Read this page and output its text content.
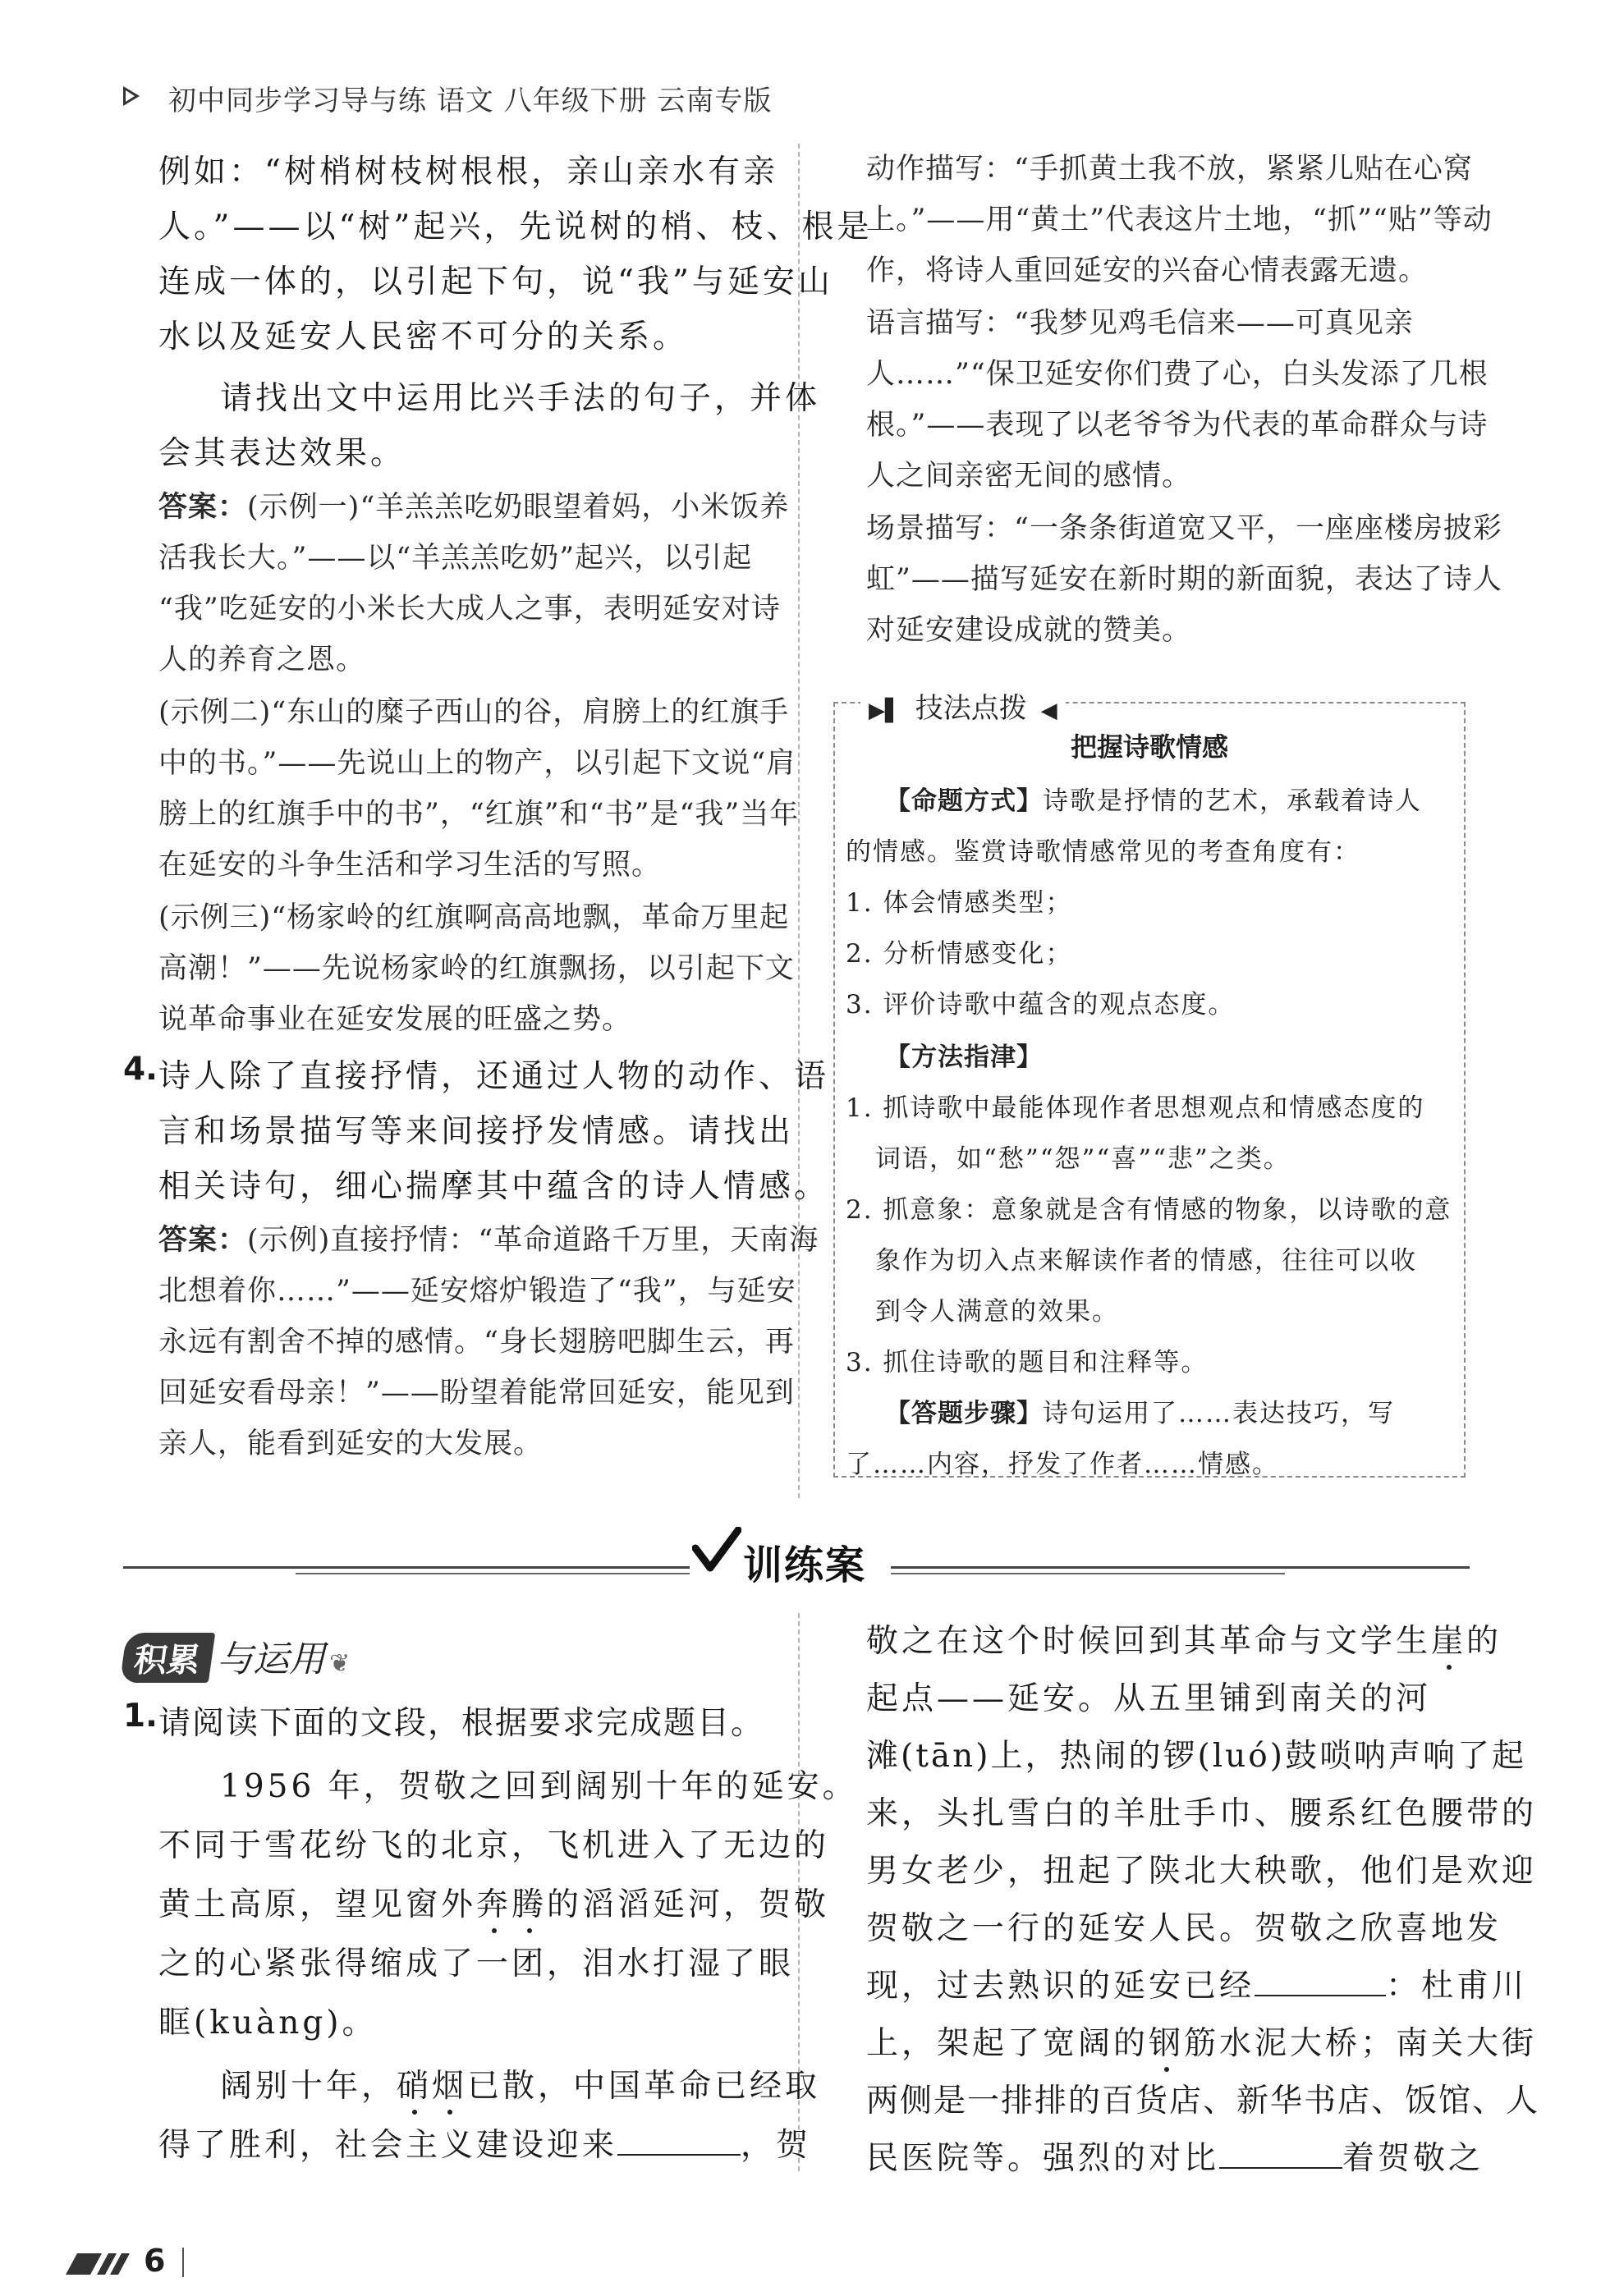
初中同步学习导与练 语文 八年级下册 云南专版
例如：“树梢树枝树根根，亲山亲水有亲
人。”——以“树”起兴，先说树的梢、枝、根是
连成一体的，以引起下句，说“我”与延安山
水以及延安人民密不可分的关系。
请找出文中运用比兴手法的句子，并体
会其表达效果。
答案：(示例一)“羊羔羔吃奶眼望着妈，小米饭养
活我长大。”——以“羊羔羔吃奶”起兴，以引起
“我”吃延安的小米长大成人之事，表明延安对诗
人的养育之恩。
(示例二)“东山的糜子西山的谷，肩膀上的红旗手
中的书。”——先说山上的物产，以引起下文说“肩
膀上的红旗手中的书”，“红旗”和“书”是“我”当年
在延安的斗争生活和学习生活的写照。
(示例三)“杨家岭的红旗啊高高地飘，革命万里起
高潮！”——先说杨家岭的红旗飘扬，以引起下文
说革命事业在延安发展的旺盛之势。
4. 诗人除了直接抒情，还通过人物的动作、语
言和场景描写等来间接抒发情感。请找出
相关诗句，细心揣摩其中蕴含的诗人情感。
答案：(示例)直接抒情：“革命道路千万里，天南海
北想着你……”——延安熔炉锻造了“我”，与延安
永远有割舍不掉的感情。“身长翅膀吧脚生云，再
回延安看母亲！”——盼望着能常回延安，能见到
亲人，能看到延安的大发展。
动作描写：“手抓黄土我不放，紧紧儿贴在心窝
上。”——用“黄土”代表这片土地，“抓”“贴”等动
作，将诗人重回延安的兴奋心情表露无遗。
语言描写：“我梦见鸡毛信来——可真见亲
人……”“保卫延安你们费了心，白头发添了几根
根。”——表现了以老爷爷为代表的革命群众与诗
人之间亲密无间的感情。
场景描写：“一条条街道宽又平，一座座楼房披彩
虹”——描写延安在新时期的新面貌，表达了诗人
对延安建设成就的赞美。
▶▌ 技法点拨 ◀
把握诗歌情感
【命题方式】诗歌是抒情的艺术，承载着诗人
的情感。鉴赏诗歌情感常见的考查角度有：
1. 体会情感类型；
2. 分析情感变化；
3. 评价诗歌中蕴含的观点态度。
【方法指津】
1. 抓诗歌中最能体现作者思想观点和情感态度的
词语，如“愁”“怨”“喜”“悲”之类。
2. 抓意象：意象就是含有情感的物象，以诗歌的意
象作为切入点来解读作者的情感，往往可以收
到令人满意的效果。
3. 抓住诗歌的题目和注释等。
【答题步骤】诗句运用了……表达技巧，写
了……内容，抒发了作者……情感。
训练案
积累 与运用 ❦
1. 请阅读下面的文段，根据要求完成题目。
1956 年，贺敬之回到阔别十年的延安。
不同于雪花纷飞的北京，飞机进入了无边的
黄土高原，望见窗外奔腾的滔滔延河，贺敬
之的心紧张得缩成了一团，泪水打湿了眼
眶(kuàng)。
阔别十年，硝烟已散，中国革命已经取
得了胜利，社会主义建设迎来	，贺
敬之在这个时候回到其革命与文学生崖的
起点——延安。从五里铺到南关的河
滩(tān)上，热闹的锣(luó)鼓唢呐声响了起
来，头扎雪白的羊肚手巾、腰系红色腰带的
男女老少，扭起了陕北大秧歌，他们是欢迎
贺敬之一行的延安人民。贺敬之欣喜地发
现，过去熟识的延安已经	：杜甫川
上，架起了宽阔的钢筋水泥大桥；南关大街
两侧是一排排的百货店、新华书店、饭馆、人
民医院等。强烈的对比	着贺敬之
6
